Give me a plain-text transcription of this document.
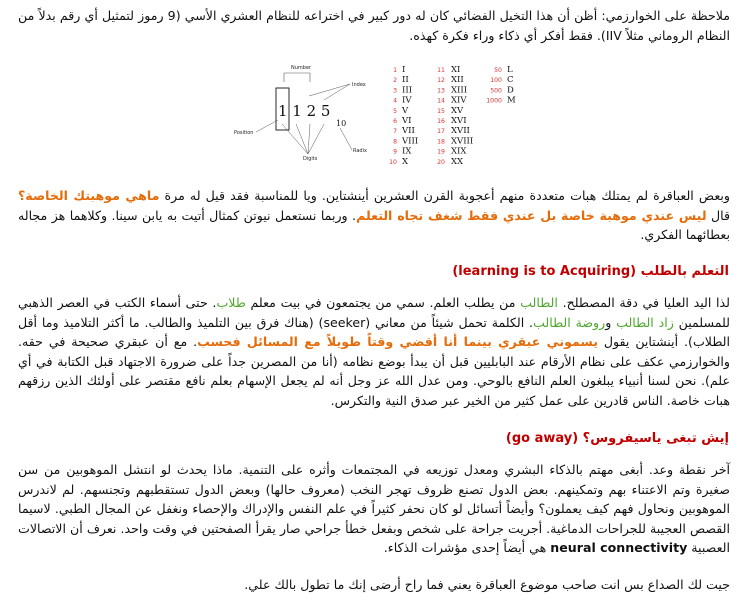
ملاحظة على الخوارزمي: أظن أن هذا التخيل الفضائي كان له دور كبير في اختراعه للنظام العشري الأسي (9 رموز لتمثيل أي رقم بدلاً من النظام الروماني مثلاً IIV). فقط أفكر أي ذكاء وراء فكرة كهذه.

Number
Index
1 1 2 5
10
Position
Radix
Digits
1 I
2 II
3 III
4 IV
5 V
6 VI
7 VII
8 VIII
9 IX
10 X
11 XI
12 XII
13 XIII
14 XIV
15 XV
16 XVI
17 XVII
18 XVIII
19 XIX
20 XX
50 L
100 C
500 D
1000 M

وبعض العباقرة لم يمتلك هبات متعددة منهم أعجوبة القرن العشرين أينشتاين. ويا للمناسبة فقد قيل له مرة ماهي موهبتك الخاصة؟ قال ليس عندي موهبة خاصة بل عندي فقط شغف تجاه التعلم. وربما نستعمل نيوتن كمثال أتيت به يابن سينا. وكلاهما هز مجاله بعطائهما الفكري.

التعلم بالطلب (learning is to Acquiring)

لذا اليد العليا في دقة المصطلح. الطالب من يطلب العلم. سمي من يجتمعون في بيت معلم طلاب. حتى أسماء الكتب في العصر الذهبي للمسلمين زاد الطالب وروضة الطالب. الكلمة تحمل شيئاً من معاني (seeker) (هناك فرق بين التلميذ والطالب. ما أكثر التلاميذ وما أقل الطلاب). أينشتاين يقول يسموني عبقري بينما أنا أقضي وقتاً طويلاً مع المسائل فحسب. مع أن عبقري صحيحة في حقه. والخوارزمي عكف على نظام الأرقام عند البابليين قبل أن يبدأ بوضع نظامه (أنا من المصرين جداً على ضرورة الاجتهاد قبل الكتابة في أي علم). نحن لسنا أنبياء يبلغون العلم النافع بالوحي. ومن عدل الله عز وجل أنه لم يجعل الإسهام بعلم نافع مقتصر على أولئك الذين رزقهم هبات خاصة. الناس قادرين على عمل كثير من الخير عبر صدق النية والتكرس.

إيش تبغى ياسيفروس؟ (go away)

آخر نقطة وعد. أبغى مهتم بالذكاء البشري ومعدل توزيعه في المجتمعات وأثره على التنمية. ماذا يحدث لو انتشل الموهوبين من سن صغيرة وتم الاعتناء بهم وتمكينهم. بعض الدول تصنع ظروف تهجر النخب (معروف حالها) وبعض الدول تستقطبهم وتجنسهم. لم لاندرس الموهوبين ونحاول فهم كيف يعملون؟ وأيضاً أتسائل لو كان نحفر كثيراً في علم النفس والإدراك والإحصاء ونغفل عن المجال الطبي. لاسيما القصص العجيبة للجراحات الدماغية. أجريت جراحة على شخص وبفعل خطأ جراحي صار يقرأ الصفحتين في وقت واحد. نعرف أن الاتصالات العصبية neural connectivity هي أيضاً إحدى مؤشرات الذكاء.

جيت لك الصداع بس انت صاحب موضوع العباقرة يعني فما راح أرضى إنك ما تطول بالك علي.
